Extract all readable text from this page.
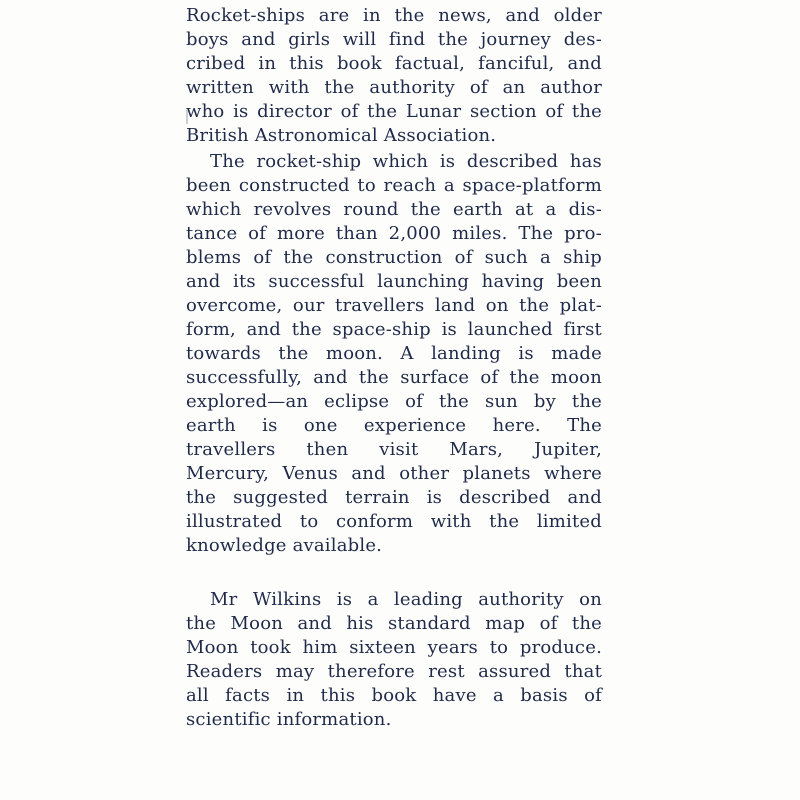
Rocket-ships are in the news, and older
boys and girls will find the journey des-
cribed in this book factual, fanciful, and
written with the authority of an author
who is director of the Lunar section of the
British Astronomical Association.
The rocket-ship which is described has
been constructed to reach a space-platform
which revolves round the earth at a dis-
tance of more than 2,000 miles. The pro-
blems of the construction of such a ship
and its successful launching having been
overcome, our travellers land on the plat-
form, and the space-ship is launched first
towards the moon. A landing is made
successfully, and the surface of the moon
explored—an eclipse of the sun by the
earth is one experience here. The
travellers then visit Mars, Jupiter,
Mercury, Venus and other planets where
the suggested terrain is described and
illustrated to conform with the limited
knowledge available.
Mr Wilkins is a leading authority on
the Moon and his standard map of the
Moon took him sixteen years to produce.
Readers may therefore rest assured that
all facts in this book have a basis of
scientific information.
